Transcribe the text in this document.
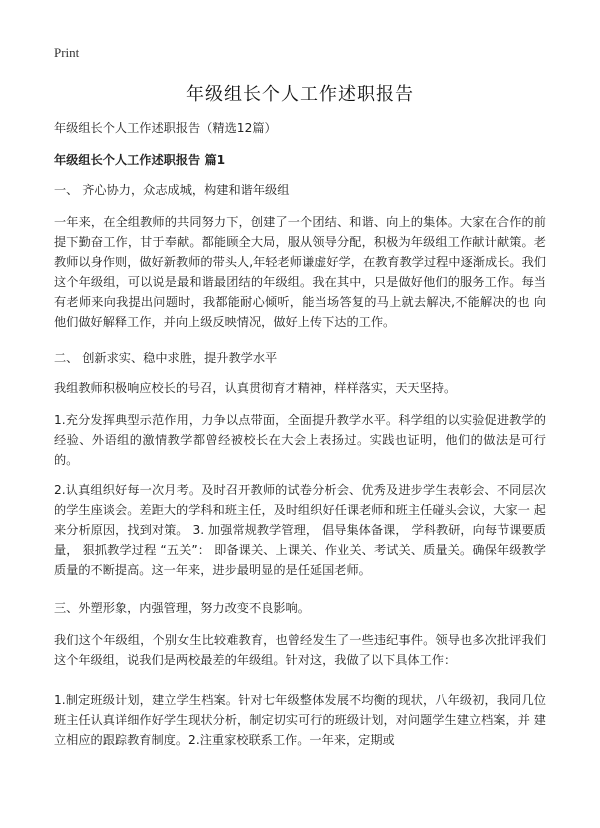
Print
年级组长个人工作述职报告

年级组长个人工作述职报告（精选12篇）

年级组长个人工作述职报告 篇1

一、 齐心协力，众志成城，构建和谐年级组

一年来，在全组教师的共同努力下，创建了一个团结、和谐、向上的集体。大家在合作的前提下勤奋工作，甘于奉献。都能顾全大局，服从领导分配，积极为年级组工作献计献策。老教师以身作则，做好新教师的带头人,年轻老师谦虚好学，在教育教学过程中逐渐成长。我们这个年级组，可以说是最和谐最团结的年级组。我在其中，只是做好他们的服务工作。每当有老师来向我提出问题时，我都能耐心倾听，能当场答复的马上就去解决,不能解决的也 向他们做好解释工作，并向上级反映情况，做好上传下达的工作。

二、 创新求实、稳中求胜，提升教学水平

我组教师积极响应校长的号召，认真贯彻育才精神，样样落实，天天坚持。

1.充分发挥典型示范作用，力争以点带面，全面提升教学水平。科学组的以实验促进教学的经验、外语组的激情教学都曾经被校长在大会上表扬过。实践也证明，他们的做法是可行 的。

2.认真组织好每一次月考。及时召开教师的试卷分析会、优秀及进步学生表彰会、不同层次的学生座谈会。差距大的学科和班主任，及时组织好任课老师和班主任碰头会议，大家一 起来分析原因，找到对策。 3. 加强常规教学管理， 倡导集体备课， 学科教研，向每节课要质量， 狠抓教学过程 “五关”： 即备课关、上课关、作业关、考试关、质量关。确保年级教学质量的不断提高。这一年来，进步最明显的是任延国老师。

三、外塑形象，内强管理，努力改变不良影响。

我们这个年级组，个别女生比较难教育，也曾经发生了一些违纪事件。领导也多次批评我们这个年级组，说我们是两校最差的年级组。针对这，我做了以下具体工作：

1.制定班级计划，建立学生档案。针对七年级整体发展不均衡的现状，八年级初，我同几位班主任认真详细作好学生现状分析，制定切实可行的班级计划，对问题学生建立档案，并 建立相应的跟踪教育制度。2.注重家校联系工作。一年来，定期或
